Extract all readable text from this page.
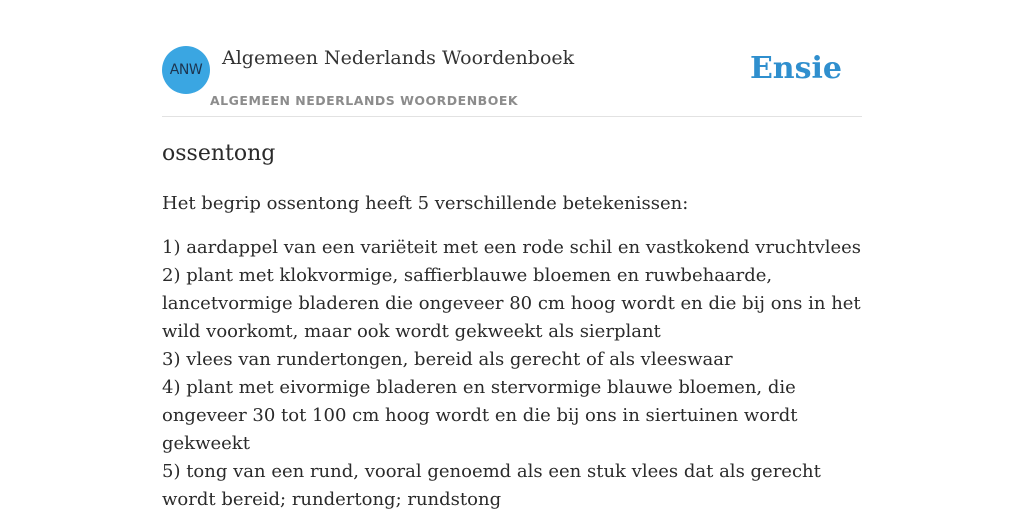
ANW
Algemeen Nederlands Woordenboek
ALGEMEEN NEDERLANDS WOORDENBOEK
Ensie
ossentong

Het begrip ossentong heeft 5 verschillende betekenissen:

1) aardappel van een variëteit met een rode schil en vastkokend vruchtvlees
2) plant met klokvormige, saffierblauwe bloemen en ruwbehaarde, lancetvormige bladeren die ongeveer 80 cm hoog wordt en die bij ons in het wild voorkomt, maar ook wordt gekweekt als sierplant
3) vlees van rundertongen, bereid als gerecht of als vleeswaar
4) plant met eivormige bladeren en stervormige blauwe bloemen, die ongeveer 30 tot 100 cm hoog wordt en die bij ons in siertuinen wordt gekweekt
5) tong van een rund, vooral genoemd als een stuk vlees dat als gerecht wordt bereid; rundertong; rundstong
